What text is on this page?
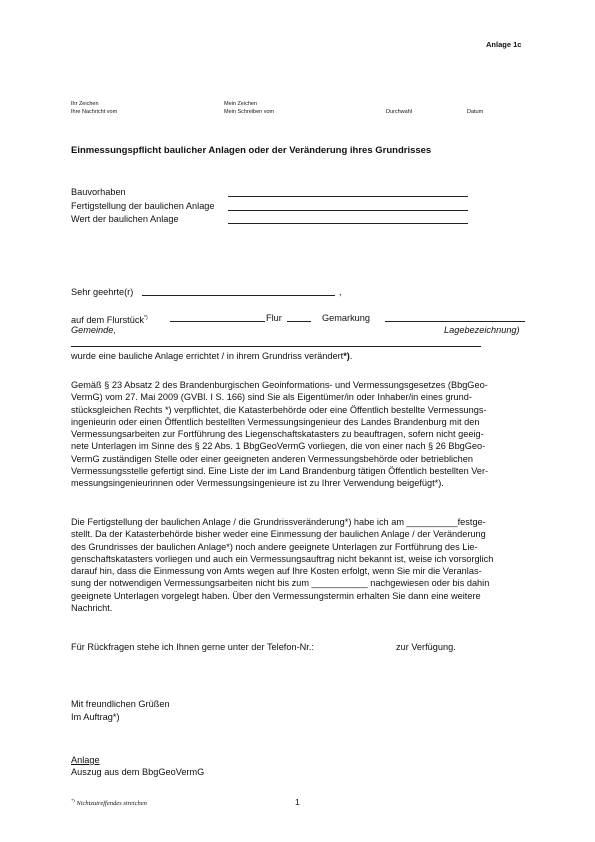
Anlage 1c
Ihr Zeichen
Ihre Nachricht vom
Mein Zeichen
Mein Schreiben vom	Durchwahl	Datum
Einmessungspflicht baulicher Anlagen oder der Veränderung ihres Grundrisses
Bauvorhaben
Fertigstellung der baulichen Anlage
Wert der baulichen Anlage
Sehr geehrte(r)	,
auf dem Flurstück*)	Flur	Gemarkung
Gemeinde,	Lagebezeichnung)
wurde eine bauliche Anlage errichtet / in ihrem Grundriss verändert*).

Gemäß § 23 Absatz 2 des Brandenburgischen Geoinformations- und Vermessungsgesetzes (BbgGeo-

VermG) vom 27. Mai 2009 (GVBl. I S. 166) sind Sie als Eigentümer/in oder Inhaber/in eines grund-

stücksgleichen Rechts *) verpflichtet, die Katasterbehörde oder eine Öffentlich bestellte Vermessungs-

ingenieurin oder einen Öffentlich bestellten Vermessungsingenieur des Landes Brandenburg mit den

Vermessungsarbeiten zur Fortführung des Liegenschaftskatasters zu beauftragen, sofern nicht geeig-

nete Unterlagen im Sinne des § 22 Abs. 1 BbgGeoVermG vorliegen, die von einer nach § 26 BbgGeo-

VermG zuständigen Stelle oder einer geeigneten anderen Vermessungsbehörde oder betrieblichen

Vermessungsstelle gefertigt sind. Eine Liste der im Land Brandenburg tätigen Öffentlich bestellten Ver-

messungsingenieurinnen oder Vermessungsingenieure ist zu Ihrer Verwendung beigefügt*).

Die Fertigstellung der baulichen Anlage / die Grundrissveränderung*) habe ich am __________festge-

stellt. Da der Katasterbehörde bisher weder eine Einmessung der baulichen Anlage / der Veränderung

des Grundrisses der baulichen Anlage*) noch andere geeignete Unterlagen zur Fortführung des Lie-

genschaftskatasters vorliegen und auch ein Vermessungsauftrag nicht bekannt ist, weise ich vorsorglich

darauf hin, dass die Einmessung von Amts wegen auf Ihre Kosten erfolgt, wenn Sie mir die Veranlas-

sung der notwendigen Vermessungsarbeiten nicht bis zum ___________ nachgewiesen oder bis dahin

geeignete Unterlagen vorgelegt haben. Über den Vermessungstermin erhalten Sie dann eine weitere

Nachricht.

Für Rückfragen stehe ich Ihnen gerne unter der Telefon-Nr.:	zur Verfügung.
Mit freundlichen Grüßen
Im Auftrag*)
Anlage
Auszug aus dem BbgGeoVermG
*) Nichtzutreffendes streichen	1
